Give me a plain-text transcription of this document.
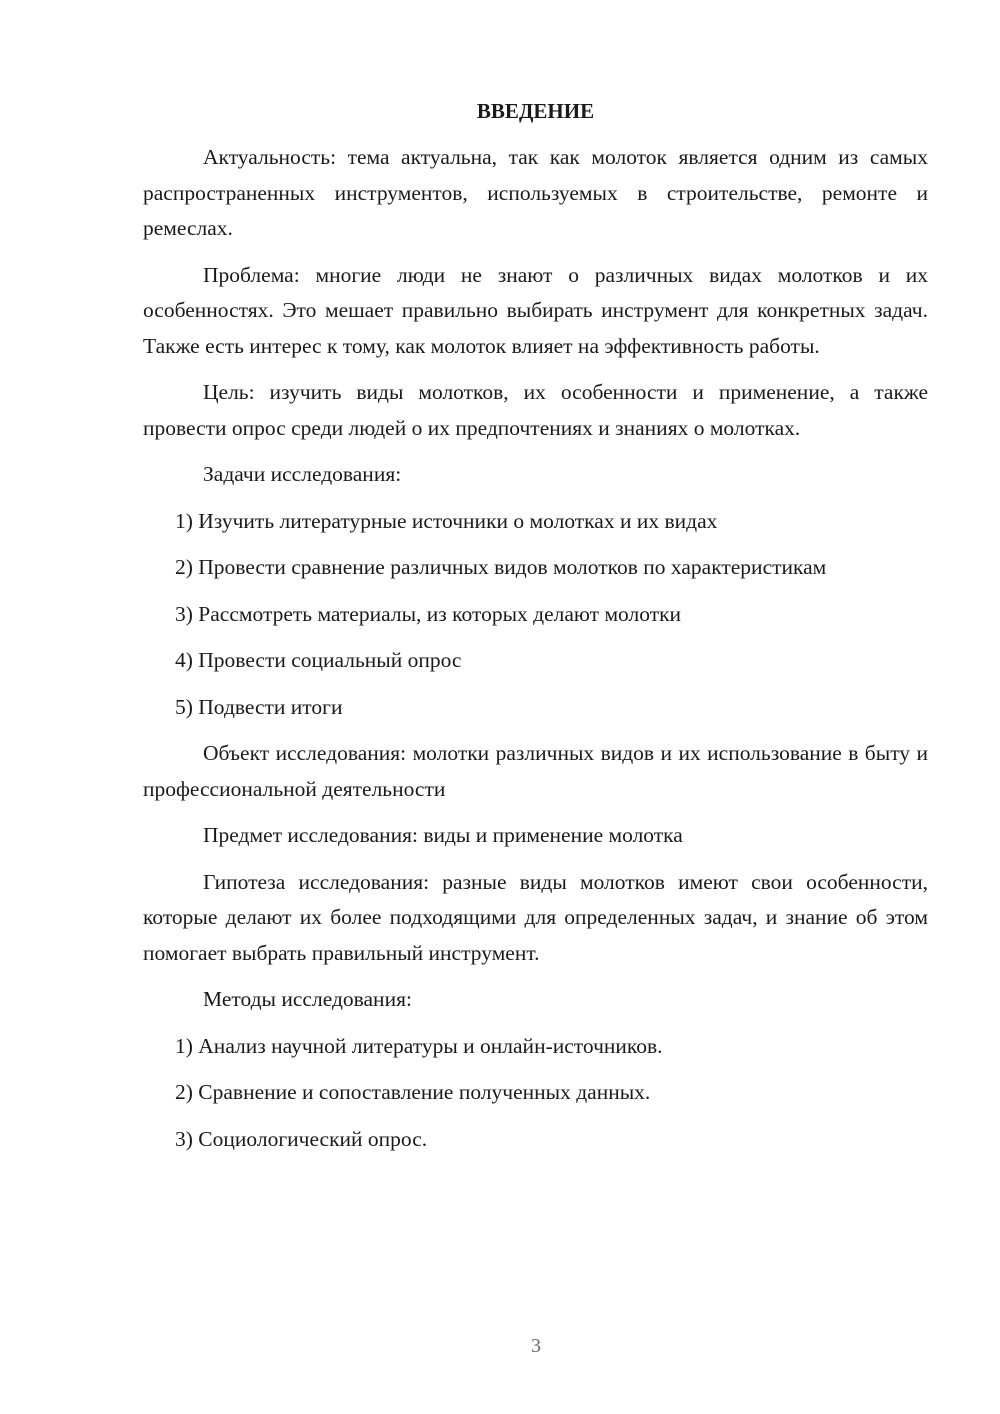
ВВЕДЕНИЕ

Актуальность: тема актуальна, так как молоток является одним из самых распространенных инструментов, используемых в строительстве, ремонте и ремеслах.

Проблема: многие люди не знают о различных видах молотков и их особенностях. Это мешает правильно выбирать инструмент для конкретных задач. Также есть интерес к тому, как молоток влияет на эффективность работы.

Цель: изучить виды молотков, их особенности и применение, а также провести опрос среди людей о их предпочтениях и знаниях о молотках.

Задачи исследования:

1) Изучить литературные источники о молотках и их видах

2) Провести сравнение различных видов молотков по характеристикам

3) Рассмотреть материалы, из которых делают молотки

4) Провести социальный опрос

5) Подвести итоги

Объект исследования: молотки различных видов и их использование в быту и профессиональной деятельности

Предмет исследования: виды и применение молотка

Гипотеза исследования: разные виды молотков имеют свои особенности, которые делают их более подходящими для определенных задач, и знание об этом помогает выбрать правильный инструмент.

Методы исследования:

1) Анализ научной литературы и онлайн-источников.

2) Сравнение и сопоставление полученных данных.

3) Социологический опрос.

3
